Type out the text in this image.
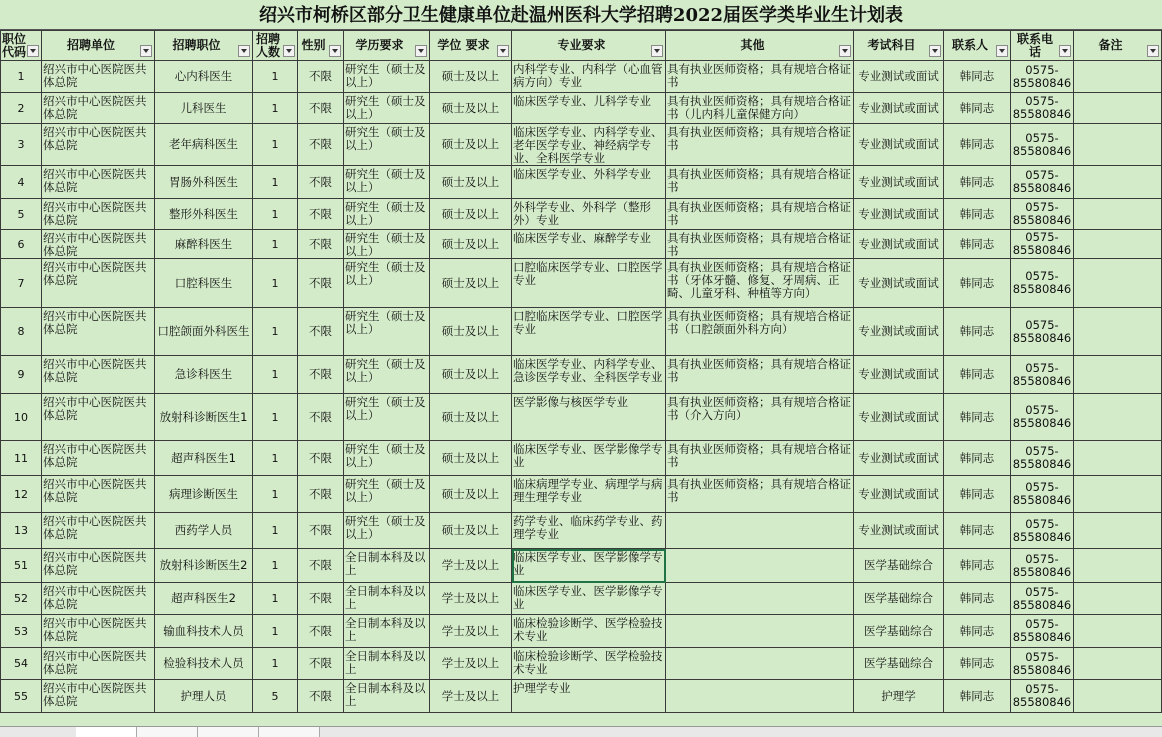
绍兴市柯桥区部分卫生健康单位赴温州医科大学招聘2022届医学类毕业生计划表
职位代码	招聘单位	招聘职位	招聘人数	性别	学历要求	学位 要求	专业要求	其他	考试科目	联系人	联系电话	备注

1	绍兴市中心医院医共体总院	心内科医生	1	不限	研究生（硕士及以上）	硕士及以上	内科学专业、内科学（心血管病方向）专业	具有执业医师资格；具有规培合格证书	专业测试或面试	韩同志	0575-85580846	
2	绍兴市中心医院医共体总院	儿科医生	1	不限	研究生（硕士及以上）	硕士及以上	临床医学专业、儿科学专业	具有执业医师资格；具有规培合格证书（儿内科儿童保健方向）	专业测试或面试	韩同志	0575-85580846	
3	绍兴市中心医院医共体总院	老年病科医生	1	不限	研究生（硕士及以上）	硕士及以上	临床医学专业、内科学专业、老年医学专业、神经病学专业、全科医学专业	具有执业医师资格；具有规培合格证书	专业测试或面试	韩同志	0575-85580846	
4	绍兴市中心医院医共体总院	胃肠外科医生	1	不限	研究生（硕士及以上）	硕士及以上	临床医学专业、外科学专业	具有执业医师资格；具有规培合格证书	专业测试或面试	韩同志	0575-85580846	
5	绍兴市中心医院医共体总院	整形外科医生	1	不限	研究生（硕士及以上）	硕士及以上	外科学专业、外科学（整形外）专业	具有执业医师资格；具有规培合格证书	专业测试或面试	韩同志	0575-85580846	
6	绍兴市中心医院医共体总院	麻醉科医生	1	不限	研究生（硕士及以上）	硕士及以上	临床医学专业、麻醉学专业	具有执业医师资格；具有规培合格证书	专业测试或面试	韩同志	0575-85580846	
7	绍兴市中心医院医共体总院	口腔科医生	1	不限	研究生（硕士及以上）	硕士及以上	口腔临床医学专业、口腔医学专业	具有执业医师资格；具有规培合格证书（牙体牙髓、修复、牙周病、正畸、儿童牙科、种植等方向）	专业测试或面试	韩同志	0575-85580846	
8	绍兴市中心医院医共体总院	口腔颌面外科医生	1	不限	研究生（硕士及以上）	硕士及以上	口腔临床医学专业、口腔医学专业	具有执业医师资格；具有规培合格证书（口腔颌面外科方向）	专业测试或面试	韩同志	0575-85580846	
9	绍兴市中心医院医共体总院	急诊科医生	1	不限	研究生（硕士及以上）	硕士及以上	临床医学专业、内科学专业、急诊医学专业、全科医学专业	具有执业医师资格；具有规培合格证书	专业测试或面试	韩同志	0575-85580846	
10	绍兴市中心医院医共体总院	放射科诊断医生1	1	不限	研究生（硕士及以上）	硕士及以上	医学影像与核医学专业	具有执业医师资格；具有规培合格证书（介入方向）	专业测试或面试	韩同志	0575-85580846	
11	绍兴市中心医院医共体总院	超声科医生1	1	不限	研究生（硕士及以上）	硕士及以上	临床医学专业、医学影像学专业	具有执业医师资格；具有规培合格证书	专业测试或面试	韩同志	0575-85580846	
12	绍兴市中心医院医共体总院	病理诊断医生	1	不限	研究生（硕士及以上）	硕士及以上	临床病理学专业、病理学与病理生理学专业	具有执业医师资格；具有规培合格证书	专业测试或面试	韩同志	0575-85580846	
13	绍兴市中心医院医共体总院	西药学人员	1	不限	研究生（硕士及以上）	硕士及以上	药学专业、临床药学专业、药理学专业		专业测试或面试	韩同志	0575-85580846	
51	绍兴市中心医院医共体总院	放射科诊断医生2	1	不限	全日制本科及以上	学士及以上	临床医学专业、医学影像学专业		医学基础综合	韩同志	0575-85580846	
52	绍兴市中心医院医共体总院	超声科医生2	1	不限	全日制本科及以上	学士及以上	临床医学专业、医学影像学专业		医学基础综合	韩同志	0575-85580846	
53	绍兴市中心医院医共体总院	输血科技术人员	1	不限	全日制本科及以上	学士及以上	临床检验诊断学、医学检验技术专业		医学基础综合	韩同志	0575-85580846	
54	绍兴市中心医院医共体总院	检验科技术人员	1	不限	全日制本科及以上	学士及以上	临床检验诊断学、医学检验技术专业		医学基础综合	韩同志	0575-85580846	
55	绍兴市中心医院医共体总院	护理人员	5	不限	全日制本科及以上	学士及以上	护理学专业		护理学	韩同志	0575-85580846	
